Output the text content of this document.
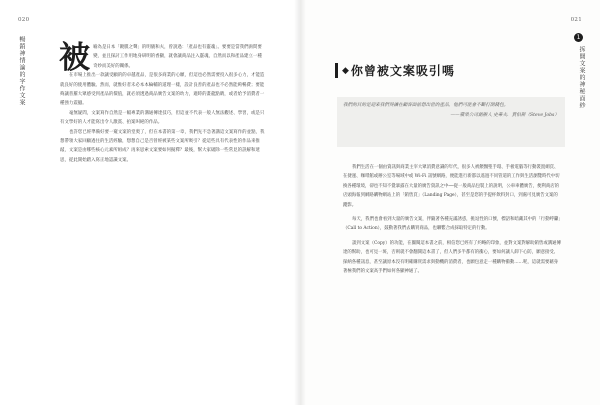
020
暢銷神情論的字作文案 被喻為是日本「鍍膜之聲」的明儀和夫，曾說過：「產品也有靈魂」。要要是當我們詢問要變，並且探討工作用地身研明的香顯，就會讓商品注入靈魂，自然而以和產品建立一種奇妙而美好的關係。

在市場上推出一款讓受顧的的卓越產品，是很多商業的心願，但這也必然需要投入很多心力，才能造就良好的使用體驗。然而，就惟好者未必本本輪輔的道理一樣，設計良善的產品也不必然能夠暢費；要能夠讓普羅大眾感受到產品的價值，就必須透過商品廣告文案的幼力，適時的畫龍點睛，或者給予消費者一種強力震撼。

毫無疑問，文案寫作自然是一幅專業的溝通傳達技巧，但這並不代表一般人無法觀述、學習，或是只有文學好的人才能寫出令人激賞、拍案叫絕的作品。

也許您已經準備好要一窺文案的堂奧了，但在本書的第一章，我們先不急著講這文案寫作的並點，我想帶領大家回顧過往的生活經驗，想想自己是否曾經被某些文案所吸引？從這些具有代表性的作品來推敲，文案是由哪些核心元素所組成？再來思索文案要如何擬釋？最後，幫大家破除一些常見的誤解和迷思，從此開始踏入寫正地認識文案。

021
1
拆開文案的神秘面紗
◆ 你曾被文案吸引嗎
我們的目的是迎來我們得讓在顧客面前想出世的產品，他們可能會不斷打開錢包。
——蘋果公司創辦人 史蒂夫．賈伯斯（Steve Jobs）

我們生活在一個由資訊與商業主宰大眾消費意識的年代，很多人被餵醫聖手環、手板電腦等行動裝置網頁、在捷運、咖啡館或辦公室等場域中或 Wi-Fi 訊號網路，便能進行新都以遙過不同管道的工作與生活瀏覽時代中切換各種環境，卻也不知不覺暴露在大量的廣告資訊之中──從一般商品包裝上的說明，公車車體廣告，便利商店的店頭海報到網路購物網站上的「銷售頁」（Landing Page），甚至是您的手提杯飲料封口，到處可見廣告文案的蹤影。

每天，我們也會看到大量的廣告文案，伴隨著各種充滿誘惑，挑逗性的口號，標語和暗藏其中的「行動呼籲」（Call to Action），鼓動著我們去購買商品，也聯繫合成採取特定的行動。

談到文案（Copy）的功能，在團閱這本書之前，相信您已經有了約略的印象，並對文案對解助銷售或溝通傳達的幫助，也可見一斑，否則就不會翻開這本書了，但人們多半都有的衝心，要如何讓人卸下心防，願意接受、探納各種訊息，甚至讓原本沒有明確購買需求與動機的消費者，也願包意走一種購物衝動……呢，這就需要藉身著極我們的文案高手們如何各顯神通了。
